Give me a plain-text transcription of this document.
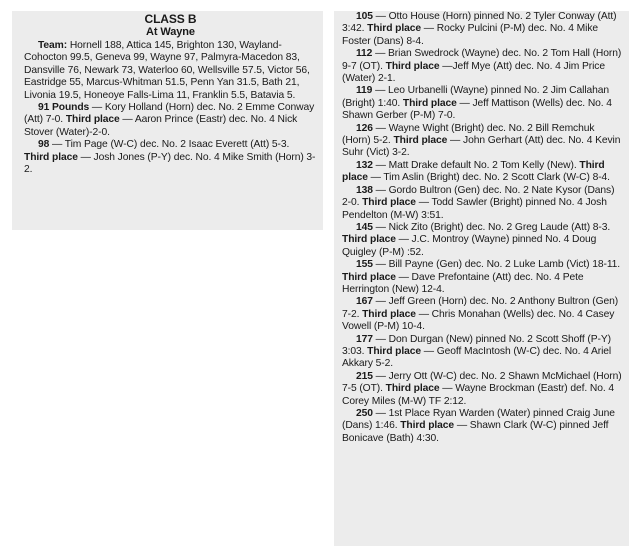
CLASS B
At Wayne

Team: Hornell 188, Attica 145, Brighton 130, Wayland-Cohocton 99.5, Geneva 99, Wayne 97, Palmyra-Macedon 83, Dansville 76, Newark 73, Waterloo 60, Wellsville 57.5, Victor 56, Eastridge 55, Marcus-Whitman 51.5, Penn Yan 31.5, Bath 21, Livonia 19.5, Honeoye Falls-Lima 11, Franklin 5.5, Batavia 5.

91 Pounds — Kory Holland (Horn) dec. No. 2 Emme Conway (Att) 7-0. Third place — Aaron Prince (Eastr) dec. No. 4 Nick Stover (Water)-2-0.

98 — Tim Page (W-C) dec. No. 2 Isaac Everett (Att) 5-3. Third place — Josh Jones (P-Y) dec. No. 4 Mike Smith (Horn) 3-2.

105 — Otto House (Horn) pinned No. 2 Tyler Conway (Att) 3:42. Third place — Rocky Pulcini (P-M) dec. No. 4 Mike Foster (Dans) 8-4.

112 — Brian Swedrock (Wayne) dec. No. 2 Tom Hall (Horn) 9-7 (OT). Third place —Jeff Mye (Att) dec. No. 4 Jim Price (Water) 2-1.

119 — Leo Urbanelli (Wayne) pinned No. 2 Jim Callahan (Bright) 1:40. Third place — Jeff Mattison (Wells) dec. No. 4 Shawn Gerber (P-M) 7-0.

126 — Wayne Wight (Bright) dec. No. 2 Bill Remchuk (Horn) 5-2. Third place — John Gerhart (Att) dec. No. 4 Kevin Suhr (Vict) 3-2.

132 — Matt Drake default No. 2 Tom Kelly (New). Third place — Tim Aslin (Bright) dec. No. 2 Scott Clark (W-C) 8-4.

138 — Gordo Bultron (Gen) dec. No. 2 Nate Kysor (Dans) 2-0. Third place — Todd Sawler (Bright) pinned No. 4 Josh Pendelton (M-W) 3:51.

145 — Nick Zito (Bright) dec. No. 2 Greg Laude (Att) 8-3. Third place — J.C. Montroy (Wayne) pinned No. 4 Doug Quigley (P-M) :52.

155 — Bill Payne (Gen) dec. No. 2 Luke Lamb (Vict) 18-11. Third place — Dave Prefontaine (Att) dec. No. 4 Pete Herrington (New) 12-4.

167 — Jeff Green (Horn) dec. No. 2 Anthony Bultron (Gen) 7-2. Third place — Chris Monahan (Wells) dec. No. 4 Casey Vowell (P-M) 10-4.

177 — Don Durgan (New) pinned No. 2 Scott Shoff (P-Y) 3:03. Third place — Geoff MacIntosh (W-C) dec. No. 4 Ariel Akkary 5-2.

215 — Jerry Ott (W-C) dec. No. 2 Shawn McMichael (Horn) 7-5 (OT). Third place — Wayne Brockman (Eastr) def. No. 4 Corey Miles (M-W) TF 2:12.

250 — 1st Place Ryan Warden (Water) pinned Craig June (Dans) 1:46. Third place — Shawn Clark (W-C) pinned Jeff Bonicave (Bath) 4:30.
